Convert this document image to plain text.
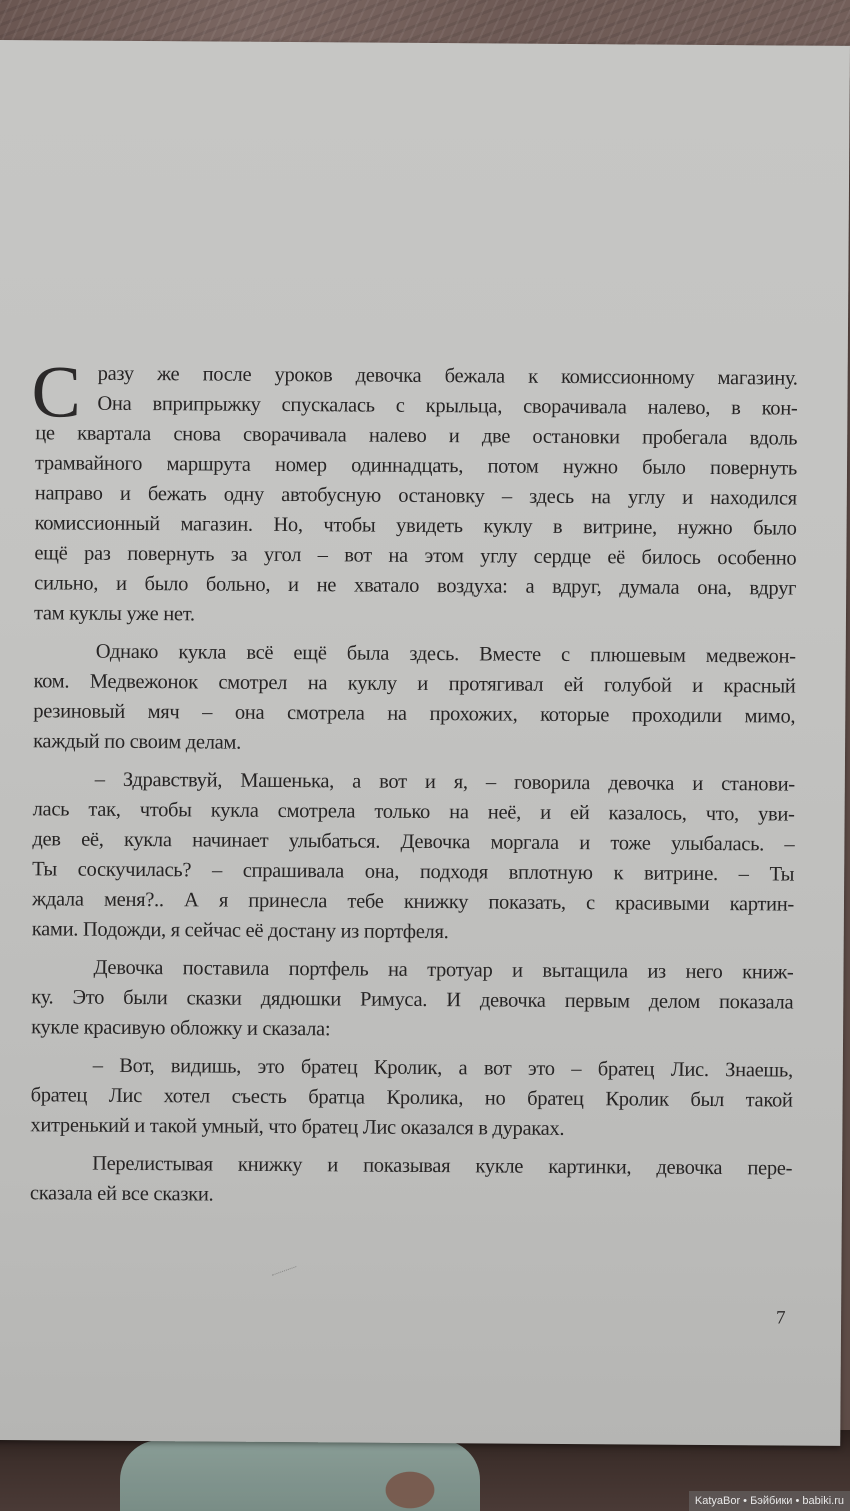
С разу же после уроков девочка бежала к комиссионному магазину.
Она вприпрыжку спускалась с крыльца, сворачивала налево, в кон-
це квартала снова сворачивала налево и две остановки пробегала вдоль
трамвайного маршрута номер одиннадцать, потом нужно было повернуть
направо и бежать одну автобусную остановку – здесь на углу и находился
комиссионный магазин. Но, чтобы увидеть куклу в витрине, нужно было
ещё раз повернуть за угол – вот на этом углу сердце её билось особенно
сильно, и было больно, и не хватало воздуха: а вдруг, думала она, вдруг
там куклы уже нет.
Однако кукла всё ещё была здесь. Вместе с плюшевым медвежон-
ком. Медвежонок смотрел на куклу и протягивал ей голубой и красный
резиновый мяч – она смотрела на прохожих, которые проходили мимо,
каждый по своим делам.
– Здравствуй, Машенька, а вот и я, – говорила девочка и станови-
лась так, чтобы кукла смотрела только на неё, и ей казалось, что, уви-
дев её, кукла начинает улыбаться. Девочка моргала и тоже улыбалась. –
Ты соскучилась? – спрашивала она, подходя вплотную к витрине. – Ты
ждала меня?.. А я принесла тебе книжку показать, с красивыми картин-
ками. Подожди, я сейчас её достану из портфеля.
Девочка поставила портфель на тротуар и вытащила из него книж-
ку. Это были сказки дядюшки Римуса. И девочка первым делом показала
кукле красивую обложку и сказала:
– Вот, видишь, это братец Кролик, а вот это – братец Лис. Знаешь,
братец Лис хотел съесть братца Кролика, но братец Кролик был такой
хитренький и такой умный, что братец Лис оказался в дураках.
Перелистывая книжку и показывая кукле картинки, девочка пере-
сказала ей все сказки.
7
KatyaBor • Бэйбики • babiki.ru
